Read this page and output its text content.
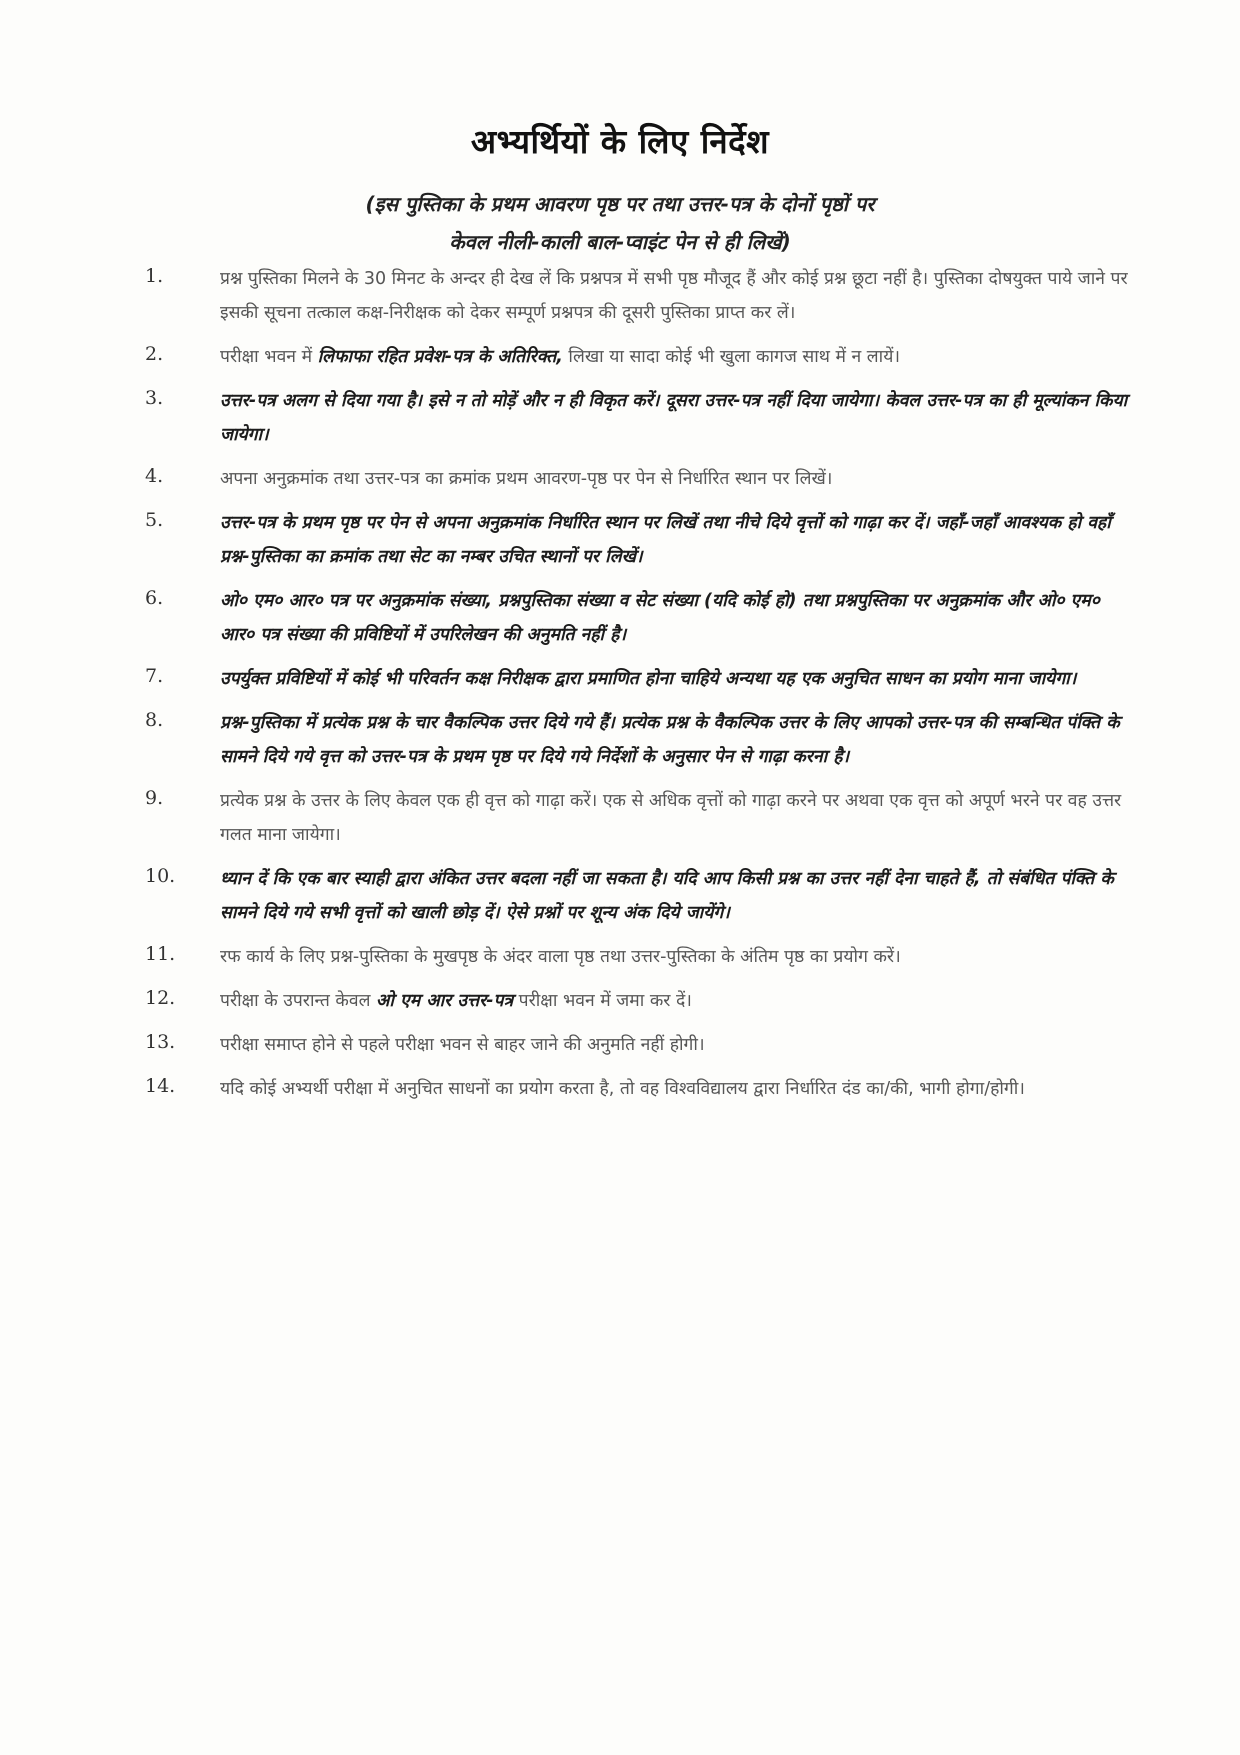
अभ्यर्थियों के लिए निर्देश
(इस पुस्तिका के प्रथम आवरण पृष्ठ पर तथा उत्तर-पत्र के दोनों पृष्ठों पर
केवल नीली-काली बाल-प्वाइंट पेन से ही लिखें)
1.	प्रश्न पुस्तिका मिलने के 30 मिनट के अन्दर ही देख लें कि प्रश्नपत्र में सभी पृष्ठ मौजूद हैं और कोई प्रश्न छूटा नहीं है। पुस्तिका दोषयुक्त पाये जाने पर इसकी सूचना तत्काल कक्ष-निरीक्षक को देकर सम्पूर्ण प्रश्नपत्र की दूसरी पुस्तिका प्राप्त कर लें।
2.	परीक्षा भवन में लिफाफा रहित प्रवेश-पत्र के अतिरिक्त, लिखा या सादा कोई भी खुला कागज साथ में न लायें।
3.	उत्तर-पत्र अलग से दिया गया है। इसे न तो मोड़ें और न ही विकृत करें। दूसरा उत्तर-पत्र नहीं दिया जायेगा। केवल उत्तर-पत्र का ही मूल्यांकन किया जायेगा।
4.	अपना अनुक्रमांक तथा उत्तर-पत्र का क्रमांक प्रथम आवरण-पृष्ठ पर पेन से निर्धारित स्थान पर लिखें।
5.	उत्तर-पत्र के प्रथम पृष्ठ पर पेन से अपना अनुक्रमांक निर्धारित स्थान पर लिखें तथा नीचे दिये वृत्तों को गाढ़ा कर दें। जहाँ-जहाँ आवश्यक हो वहाँ प्रश्न-पुस्तिका का क्रमांक तथा सेट का नम्बर उचित स्थानों पर लिखें।
6.	ओ० एम० आर० पत्र पर अनुक्रमांक संख्या, प्रश्नपुस्तिका संख्या व सेट संख्या (यदि कोई हो) तथा प्रश्नपुस्तिका पर अनुक्रमांक और ओ० एम० आर० पत्र संख्या की प्रविष्टियों में उपरिलेखन की अनुमति नहीं है।
7.	उपर्युक्त प्रविष्टियों में कोई भी परिवर्तन कक्ष निरीक्षक द्वारा प्रमाणित होना चाहिये अन्यथा यह एक अनुचित साधन का प्रयोग माना जायेगा।
8.	प्रश्न-पुस्तिका में प्रत्येक प्रश्न के चार वैकल्पिक उत्तर दिये गये हैं। प्रत्येक प्रश्न के वैकल्पिक उत्तर के लिए आपको उत्तर-पत्र की सम्बन्धित पंक्ति के सामने दिये गये वृत्त को उत्तर-पत्र के प्रथम पृष्ठ पर दिये गये निर्देशों के अनुसार पेन से गाढ़ा करना है।
9.	प्रत्येक प्रश्न के उत्तर के लिए केवल एक ही वृत्त को गाढ़ा करें। एक से अधिक वृत्तों को गाढ़ा करने पर अथवा एक वृत्त को अपूर्ण भरने पर वह उत्तर गलत माना जायेगा।
10.	ध्यान दें कि एक बार स्याही द्वारा अंकित उत्तर बदला नहीं जा सकता है। यदि आप किसी प्रश्न का उत्तर नहीं देना चाहते हैं, तो संबंधित पंक्ति के सामने दिये गये सभी वृत्तों को खाली छोड़ दें। ऐसे प्रश्नों पर शून्य अंक दिये जायेंगे।
11.	रफ कार्य के लिए प्रश्न-पुस्तिका के मुखपृष्ठ के अंदर वाला पृष्ठ तथा उत्तर-पुस्तिका के अंतिम पृष्ठ का प्रयोग करें।
12.	परीक्षा के उपरान्त केवल ओ एम आर उत्तर-पत्र परीक्षा भवन में जमा कर दें।
13.	परीक्षा समाप्त होने से पहले परीक्षा भवन से बाहर जाने की अनुमति नहीं होगी।
14.	यदि कोई अभ्यर्थी परीक्षा में अनुचित साधनों का प्रयोग करता है, तो वह विश्वविद्यालय द्वारा निर्धारित दंड का/की, भागी होगा/होगी।
